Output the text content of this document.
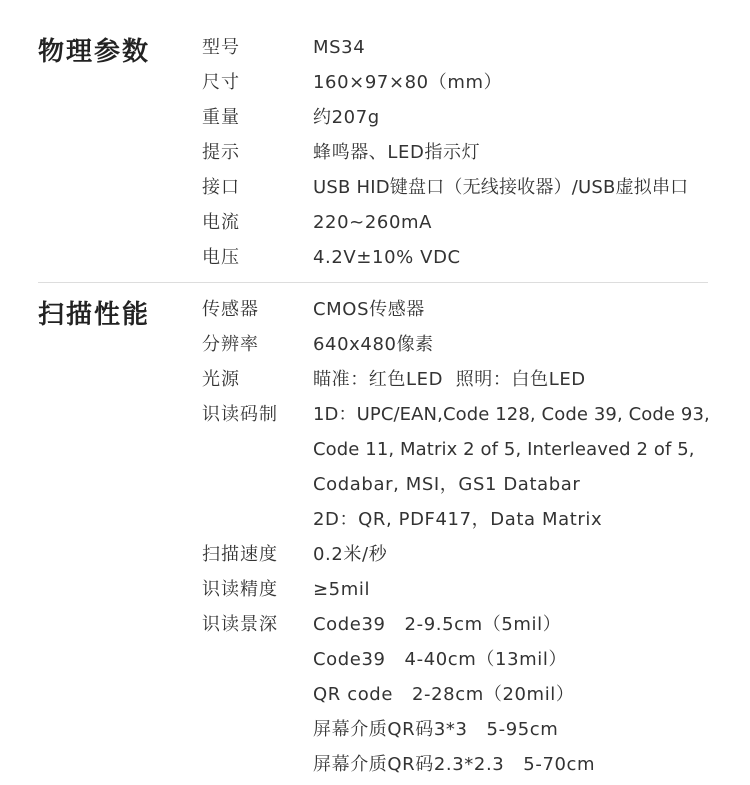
物理参数	型号	MS34
尺寸	160×97×80（mm）
重量	约207g
提示	蜂鸣器、LED指示灯
接口	USB HID键盘口（无线接收器）/USB虚拟串口
电流	220~260mA
电压	4.2V±10% VDC
扫描性能	传感器	CMOS传感器
分辨率	640x480像素
光源	瞄准：红色LED  照明：白色LED
识读码制 1D：UPC/EAN,Code 128, Code 39, Code 93,
Code 11, Matrix 2 of 5, Interleaved 2 of 5,
Codabar, MSI，GS1 Databar
2D：QR, PDF417，Data Matrix
扫描速度 0.2米/秒
识读精度 ≥5mil
识读景深 Code39   2-9.5cm（5mil）
Code39   4-40cm（13mil）
QR code   2-28cm（20mil）
屏幕介质QR码3*3   5-95cm
屏幕介质QR码2.3*2.3   5-70cm
